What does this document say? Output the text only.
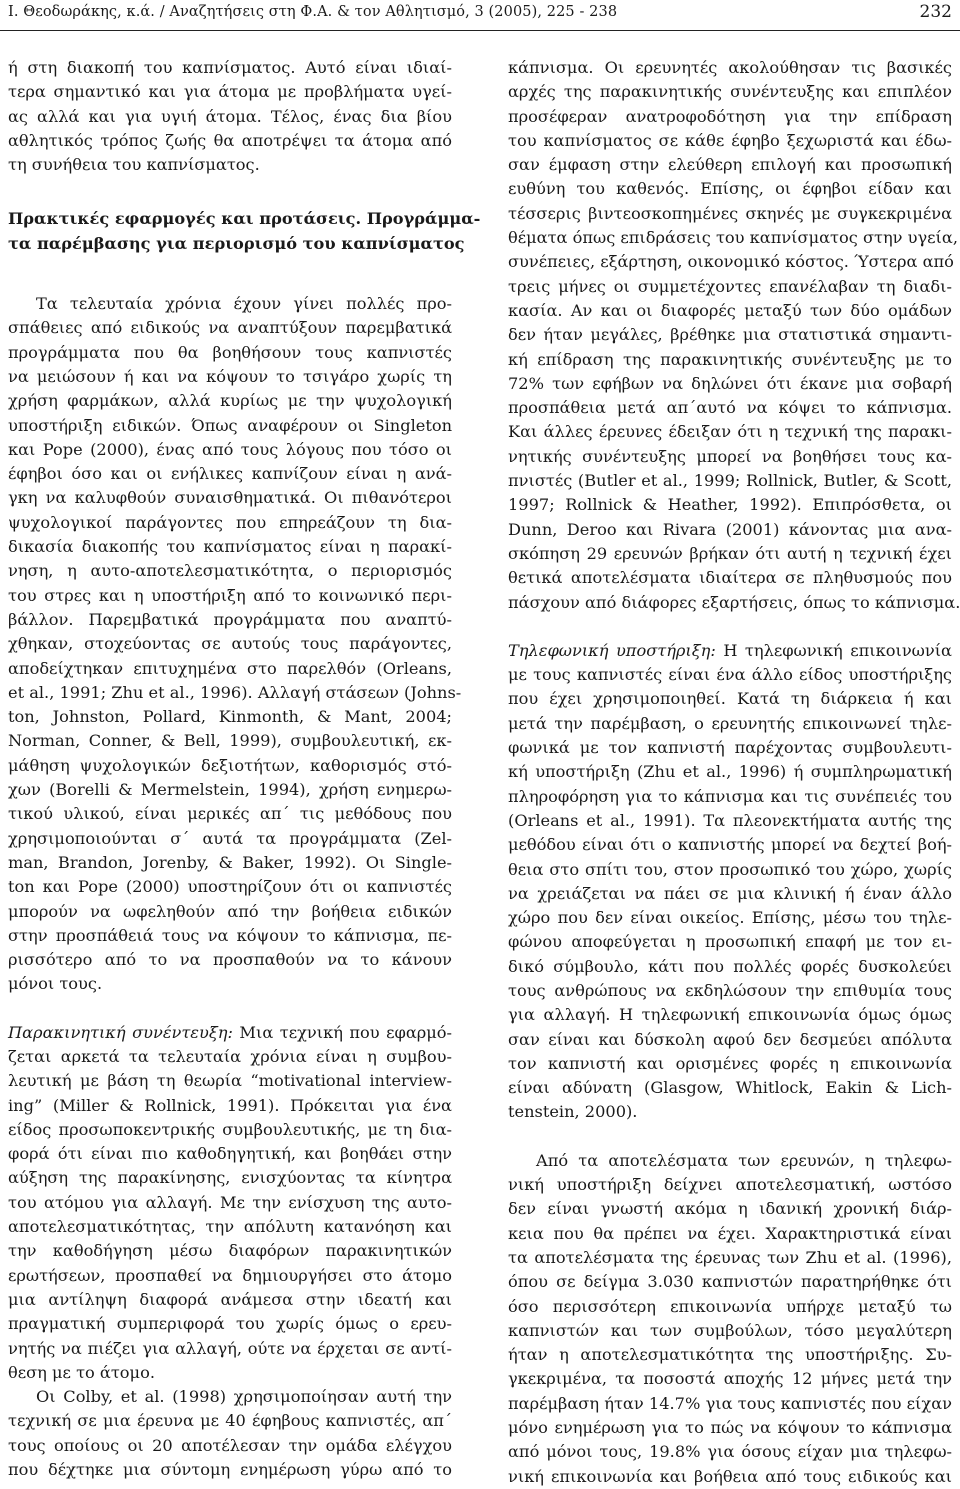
Ι. Θεοδωράκης, κ.ά. / Αναζητήσεις στη Φ.Α. & τον Αθλητισμό, 3 (2005), 225 - 238	232
ή στη διακοπή του καπνίσματος. Αυτό είναι ιδιαί-
τερα σημαντικό και για άτομα με προβλήματα υγεί-
ας αλλά και για υγιή άτομα. Τέλος, ένας δια βίου
αθλητικός τρόπος ζωής θα αποτρέψει τα άτομα από
τη συνήθεια του καπνίσματος.
Πρακτικές εφαρμογές και προτάσεις. Προγράμμα-
τα παρέμβασης για περιορισμό του καπνίσματος
Τα τελευταία χρόνια έχουν γίνει πολλές προ-
σπάθειες από ειδικούς να αναπτύξουν παρεμβατικά
προγράμματα που θα βοηθήσουν τους καπνιστές
να μειώσουν ή και να κόψουν το τσιγάρο χωρίς τη
χρήση φαρμάκων, αλλά κυρίως με την ψυχολογική
υποστήριξη ειδικών. Όπως αναφέρουν οι Singleton
και Pope (2000), ένας από τους λόγους που τόσο οι
έφηβοι όσο και οι ενήλικες καπνίζουν είναι η ανά-
γκη να καλυφθούν συναισθηματικά. Οι πιθανότεροι
ψυχολογικοί παράγοντες που επηρεάζουν τη δια-
δικασία διακοπής του καπνίσματος είναι η παρακί-
νηση, η αυτο-αποτελεσματικότητα, ο περιορισμός
του στρες και η υποστήριξη από το κοινωνικό περι-
βάλλον. Παρεμβατικά προγράμματα που αναπτύ-
χθηκαν, στοχεύοντας σε αυτούς τους παράγοντες,
αποδείχτηκαν επιτυχημένα στο παρελθόν (Orleans,
et al., 1991; Zhu et al., 1996). Αλλαγή στάσεων (Johns-
ton, Johnston, Pollard, Kinmonth, & Mant, 2004;
Norman, Conner, & Bell, 1999), συμβουλευτική, εκ-
μάθηση ψυχολογικών δεξιοτήτων, καθορισμός στό-
χων (Borelli & Mermelstein, 1994), χρήση ενημερω-
τικού υλικού, είναι μερικές απ΄ τις μεθόδους που
χρησιμοποιούνται σ΄ αυτά τα προγράμματα (Zel-
man, Brandon, Jorenby, & Baker, 1992). Οι Single-
ton και Pope (2000) υποστηρίζουν ότι οι καπνιστές
μπορούν να ωφεληθούν από την βοήθεια ειδικών
στην προσπάθειά τους να κόψουν το κάπνισμα, πε-
ρισσότερο από το να προσπαθούν να το κάνουν
μόνοι τους.
Παρακινητική συνέντευξη: Μια τεχνική που εφαρμό-
ζεται αρκετά τα τελευταία χρόνια είναι η συμβου-
λευτική με βάση τη θεωρία “motivational interview-
ing” (Miller & Rollnick, 1991). Πρόκειται για ένα
είδος προσωποκεντρικής συμβουλευτικής, με τη δια-
φορά ότι είναι πιο καθοδηγητική, και βοηθάει στην
αύξηση της παρακίνησης, ενισχύοντας τα κίνητρα
του ατόμου για αλλαγή. Με την ενίσχυση της αυτο-
αποτελεσματικότητας, την απόλυτη κατανόηση και
την καθοδήγηση μέσω διαφόρων παρακινητικών
ερωτήσεων, προσπαθεί να δημιουργήσει στο άτομο
μια αντίληψη διαφορά ανάμεσα στην ιδεατή και
πραγματική συμπεριφορά του χωρίς όμως ο ερευ-
νητής να πιέζει για αλλαγή, ούτε να έρχεται σε αντί-
θεση με το άτομο.
Οι Colby, et al. (1998) χρησιμοποίησαν αυτή την
τεχνική σε μια έρευνα με 40 έφηβους καπνιστές, απ΄
τους οποίους οι 20 αποτέλεσαν την ομάδα ελέγχου
που δέχτηκε μια σύντομη ενημέρωση γύρω από το
κάπνισμα. Οι ερευνητές ακολούθησαν τις βασικές
αρχές της παρακινητικής συνέντευξης και επιπλέον
προσέφεραν ανατροφοδότηση για την επίδραση
του καπνίσματος σε κάθε έφηβο ξεχωριστά και έδω-
σαν έμφαση στην ελεύθερη επιλογή και προσωπική
ευθύνη του καθενός. Επίσης, οι έφηβοι είδαν και
τέσσερις βιντεοσκοπημένες σκηνές με συγκεκριμένα
θέματα όπως επιδράσεις του καπνίσματος στην υγεία,
συνέπειες, εξάρτηση, οικονομικό κόστος. Ύστερα από
τρεις μήνες οι συμμετέχοντες επανέλαβαν τη διαδι-
κασία. Αν και οι διαφορές μεταξύ των δύο ομάδων
δεν ήταν μεγάλες, βρέθηκε μια στατιστικά σημαντι-
κή επίδραση της παρακινητικής συνέντευξης με το
72% των εφήβων να δηλώνει ότι έκανε μια σοβαρή
προσπάθεια μετά απ΄αυτό να κόψει το κάπνισμα.
Και άλλες έρευνες έδειξαν ότι η τεχνική της παρακι-
νητικής συνέντευξης μπορεί να βοηθήσει τους κα-
πνιστές (Butler et al., 1999; Rollnick, Butler, & Scott,
1997; Rollnick & Heather, 1992). Επιπρόσθετα, οι
Dunn, Deroo και Rivara (2001) κάνοντας μια ανα-
σκόπηση 29 ερευνών βρήκαν ότι αυτή η τεχνική έχει
θετικά αποτελέσματα ιδιαίτερα σε πληθυσμούς που
πάσχουν από διάφορες εξαρτήσεις, όπως το κάπνισμα.
Τηλεφωνική υποστήριξη: Η τηλεφωνική επικοινωνία
με τους καπνιστές είναι ένα άλλο είδος υποστήριξης
που έχει χρησιμοποιηθεί. Κατά τη διάρκεια ή και
μετά την παρέμβαση, ο ερευνητής επικοινωνεί τηλε-
φωνικά με τον καπνιστή παρέχοντας συμβουλευτι-
κή υποστήριξη (Zhu et al., 1996) ή συμπληρωματική
πληροφόρηση για το κάπνισμα και τις συνέπειές του
(Orleans et al., 1991). Τα πλεονεκτήματα αυτής της
μεθόδου είναι ότι ο καπνιστής μπορεί να δεχτεί βοή-
θεια στο σπίτι του, στον προσωπικό του χώρο, χωρίς
να χρειάζεται να πάει σε μια κλινική ή έναν άλλο
χώρο που δεν είναι οικείος. Επίσης, μέσω του τηλε-
φώνου αποφεύγεται η προσωπική επαφή με τον ει-
δικό σύμβουλο, κάτι που πολλές φορές δυσκολεύει
τους ανθρώπους να εκδηλώσουν την επιθυμία τους
για αλλαγή. Η τηλεφωνική επικοινωνία όμως όμως
σαν είναι και δύσκολη αφού δεν δεσμεύει απόλυτα
τον καπνιστή και ορισμένες φορές η επικοινωνία
είναι αδύνατη (Glasgow, Whitlock, Eakin & Lich-
tenstein, 2000).
Από τα αποτελέσματα των ερευνών, η τηλεφω-
νική υποστήριξη δείχνει αποτελεσματική, ωστόσο
δεν είναι γνωστή ακόμα η ιδανική χρονική διάρ-
κεια που θα πρέπει να έχει. Χαρακτηριστικά είναι
τα αποτελέσματα της έρευνας των Zhu et al. (1996),
όπου σε δείγμα 3.030 καπνιστών παρατηρήθηκε ότι
όσο περισσότερη επικοινωνία υπήρχε μεταξύ τω
καπνιστών και των συμβούλων, τόσο μεγαλύτερη
ήταν η αποτελεσματικότητα της υποστήριξης. Συ-
γκεκριμένα, τα ποσοστά αποχής 12 μήνες μετά την
παρέμβαση ήταν 14.7% για τους καπνιστές που είχαν
μόνο ενημέρωση για το πώς να κόψουν το κάπνισμα
από μόνοι τους, 19.8% για όσους είχαν μια τηλεφω-
νική επικοινωνία και βοήθεια από τους ειδικούς και
